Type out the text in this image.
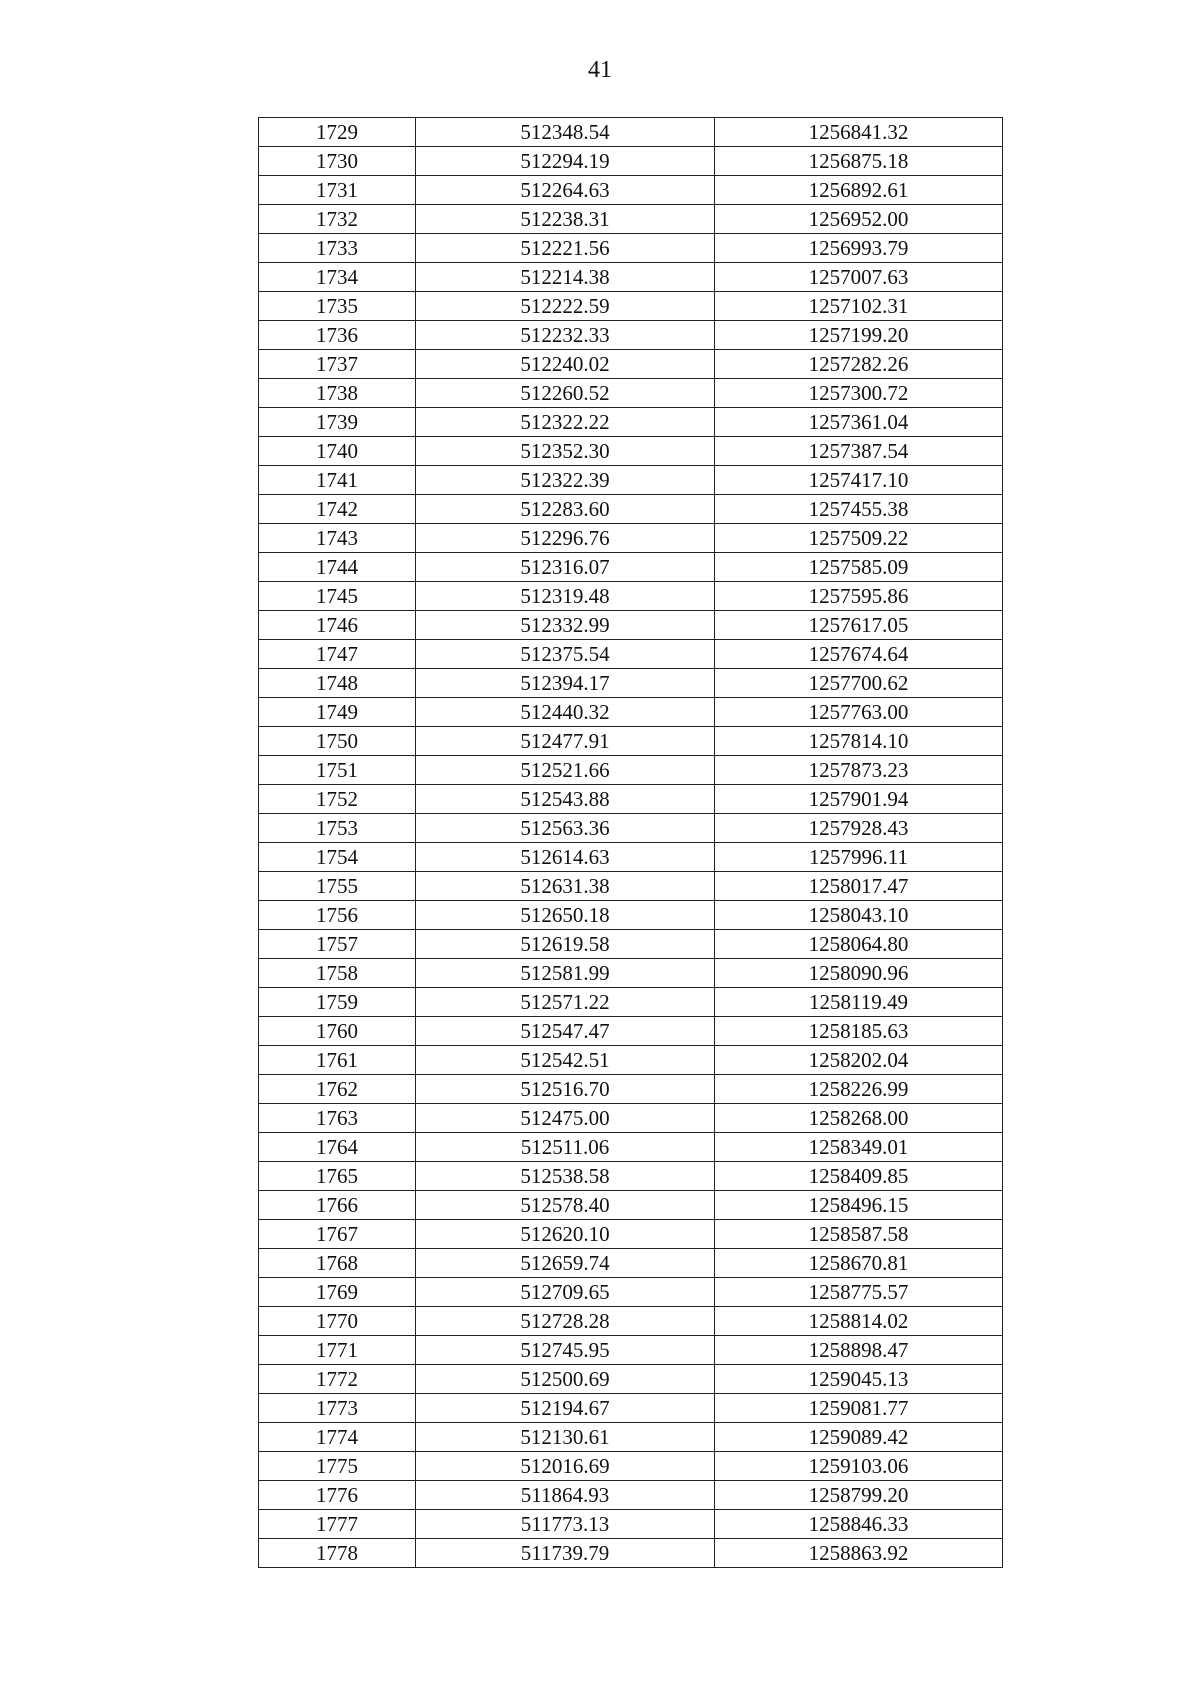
41
1729	512348.54	1256841.32
1730	512294.19	1256875.18
1731	512264.63	1256892.61
1732	512238.31	1256952.00
1733	512221.56	1256993.79
1734	512214.38	1257007.63
1735	512222.59	1257102.31
1736	512232.33	1257199.20
1737	512240.02	1257282.26
1738	512260.52	1257300.72
1739	512322.22	1257361.04
1740	512352.30	1257387.54
1741	512322.39	1257417.10
1742	512283.60	1257455.38
1743	512296.76	1257509.22
1744	512316.07	1257585.09
1745	512319.48	1257595.86
1746	512332.99	1257617.05
1747	512375.54	1257674.64
1748	512394.17	1257700.62
1749	512440.32	1257763.00
1750	512477.91	1257814.10
1751	512521.66	1257873.23
1752	512543.88	1257901.94
1753	512563.36	1257928.43
1754	512614.63	1257996.11
1755	512631.38	1258017.47
1756	512650.18	1258043.10
1757	512619.58	1258064.80
1758	512581.99	1258090.96
1759	512571.22	1258119.49
1760	512547.47	1258185.63
1761	512542.51	1258202.04
1762	512516.70	1258226.99
1763	512475.00	1258268.00
1764	512511.06	1258349.01
1765	512538.58	1258409.85
1766	512578.40	1258496.15
1767	512620.10	1258587.58
1768	512659.74	1258670.81
1769	512709.65	1258775.57
1770	512728.28	1258814.02
1771	512745.95	1258898.47
1772	512500.69	1259045.13
1773	512194.67	1259081.77
1774	512130.61	1259089.42
1775	512016.69	1259103.06
1776	511864.93	1258799.20
1777	511773.13	1258846.33
1778	511739.79	1258863.92
